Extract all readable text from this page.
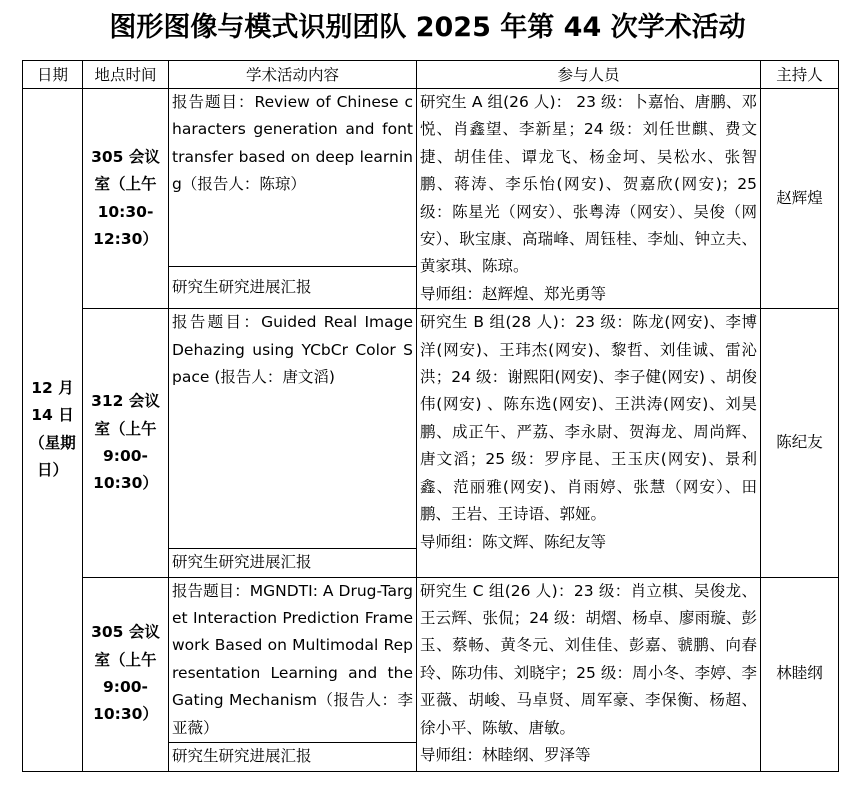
图形图像与模式识别团队 2025 年第 44 次学术活动
日期	地点时间	学术活动内容	参与人员	主持人
12 月 14 日（星期日）	305 会议室（上午 10:30-12:30）	报告题目：Review of Chinese characters generation and font transfer based on deep learning（报告人：陈琼）	研究生 A 组(26 人)： 23 级：卜嘉怡、唐鹏、邓悦、肖鑫望、李新星；24 级：刘任世麒、费文捷、胡佳佳、谭龙飞、杨金坷、吴松水、张智鹏、蒋涛、李乐怡(网安)、贺嘉欣(网安)；25 级：陈星光（网安）、张粤涛（网安）、吴俊（网安）、耿宝康、高瑞峰、周钰桂、李灿、钟立夫、黄家琪、陈琼。
导师组：赵辉煌、郑光勇等	赵辉煌
		研究生研究进展汇报		
	312 会议室（上午 9:00-10:30）	报告题目：Guided Real Image Dehazing using YCbCr Color Space (报告人：唐文滔)	研究生 B 组(28 人)：23 级：陈龙(网安)、李博洋(网安)、王玮杰(网安)、黎哲、刘佳诚、雷沁洪；24 级：谢熙阳(网安)、李子健(网安) 、胡俊伟(网安) 、陈东选(网安)、王洪涛(网安)、刘昊鹏、成正午、严荔、李永尉、贺海龙、周尚辉、唐文滔；25 级：罗序昆、王玉庆(网安)、景利鑫、范丽雅(网安)、肖雨婷、张慧（网安）、田鹏、王岩、王诗语、郭娅。
导师组：陈文辉、陈纪友等	陈纪友
		研究生研究进展汇报		
	305 会议室（上午 9:00-10:30）	报告题目：MGNDTI: A Drug-Target Interaction Prediction Framework Based on Multimodal Representation Learning and the Gating Mechanism（报告人：李亚薇）	研究生 C 组(26 人)：23 级：肖立棋、吴俊龙、王云辉、张侃；24 级：胡熠、杨卓、廖雨璇、彭玉、蔡畅、黄冬元、刘佳佳、彭嘉、虢鹏、向春玲、陈功伟、刘晓宇；25 级：周小冬、李婷、李亚薇、胡峻、马卓贤、周军豪、李保衡、杨超、徐小平、陈敏、唐敏。
导师组：林睦纲、罗泽等	林睦纲
		研究生研究进展汇报		
